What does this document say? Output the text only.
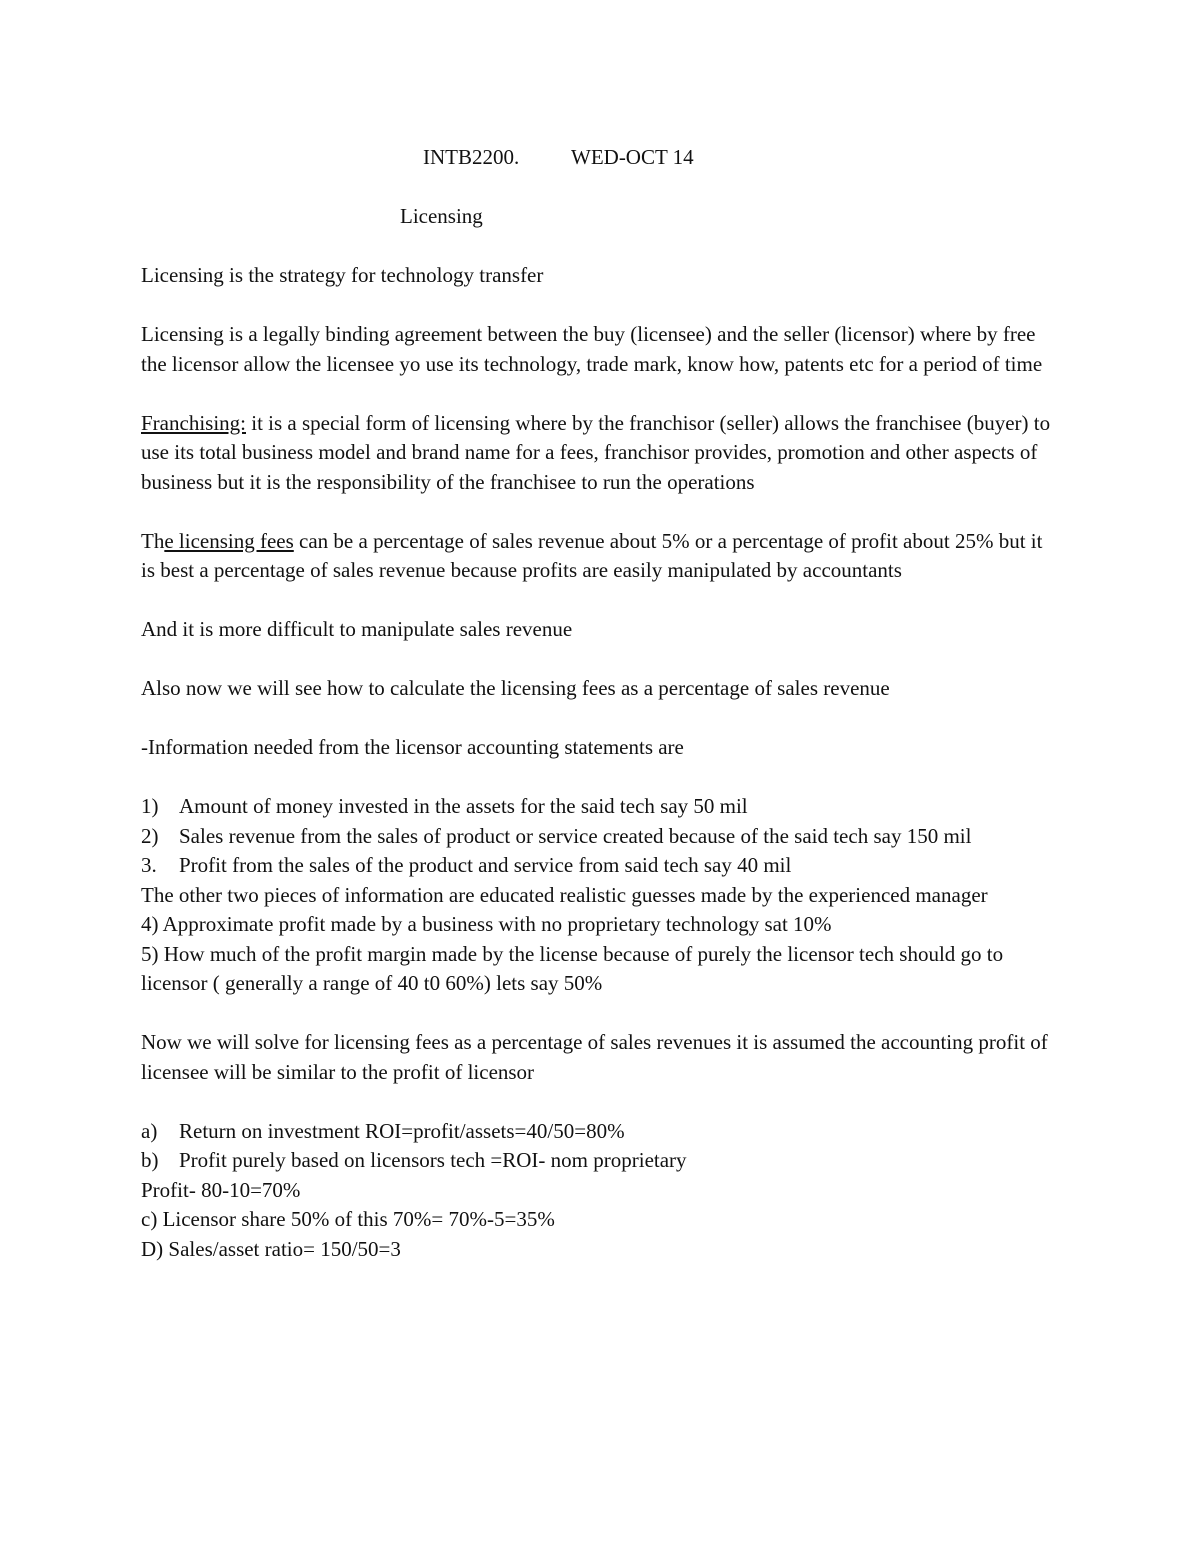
INTB2200. WED-OCT 14
Licensing

Licensing is the strategy for technology transfer

Licensing is a legally binding agreement between the buy (licensee) and the seller (licensor) where by free the licensor allow the licensee yo use its technology, trade mark, know how, patents etc for a period of time

Franchising: it is a special form of licensing where by the franchisor (seller) allows the franchisee (buyer) to use its total business model and brand name for a fees, franchisor provides, promotion and other aspects of business but it is the responsibility of the franchisee to run the operations

The licensing fees can be a percentage of sales revenue about 5% or a percentage of profit about 25% but it is best a percentage of sales revenue because profits are easily manipulated by accountants

And it is more difficult to manipulate sales revenue

Also now we will see how to calculate the licensing fees as a percentage of sales revenue

-Information needed from the licensor accounting statements are

1) Amount of money invested in the assets for the said tech say 50 mil
2) Sales revenue from the sales of product or service created because of the said tech say 150 mil
3. Profit from the sales of the product and service from said tech say 40 mil

The other two pieces of information are educated realistic guesses made by the experienced manager

4) Approximate profit made by a business with no proprietary technology sat 10%

5) How much of the profit margin made by the license because of purely the licensor tech should go to licensor ( generally a range of 40 t0 60%) lets say 50%

Now we will solve for licensing fees as a percentage of sales revenues it is assumed the accounting profit of licensee will be similar to the profit of licensor

a) Return on investment ROI=profit/assets=40/50=80%
b) Profit purely based on licensors tech =ROI- nom proprietary

Profit- 80-10=70%

c) Licensor share 50% of this 70%= 70%-5=35%

D) Sales/asset ratio= 150/50=3
